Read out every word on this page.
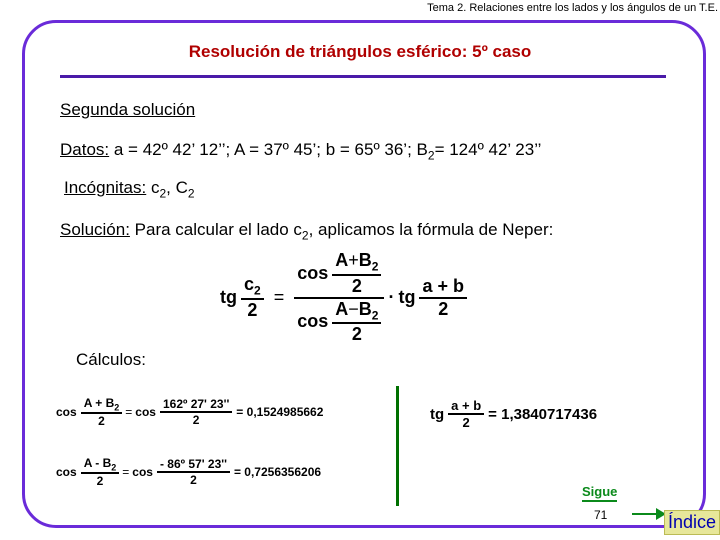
Tema 2. Relaciones entre los lados y los ángulos de un T.E.
Resolución de triángulos esférico: 5º caso
Segunda solución
Datos: a = 42º 42’ 12’’; A = 37º 45’; b = 65º 36’; $B_2=$ 124º 42’ 23’’
Incógnitas: $c_2$, $C_2$
Solución: Para calcular el lado $c_2$, aplicamos la fórmula de Neper:
tg $\frac{c_2}{2} = \frac{\cos \frac{A+B_2}{2}}{\cos \frac{A-B_2}{2}}$ · tg $\frac{a + b}{2}$
Cálculos:
$\cos \frac{A + B_2}{2} = \cos \frac{\text{162º 27' 23''}}{2} = 0,1524985662$
$\cos \frac{A - B_2}{2} = \cos \frac{\text{- 86º 57' 23''}}{2} = 0,7256356206$
tg $\frac{a + b}{2} = 1,3840717436$
Sigue
71	Índice
